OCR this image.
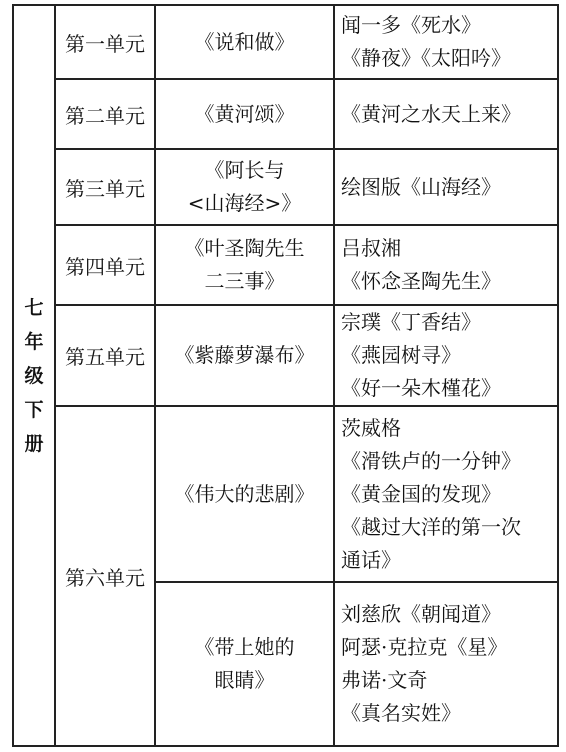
七
年
级
下
册	第一单元	《说和做》	闻一多《死水》
《静夜》《太阳吟》

	第二单元	《黄河颂》	《黄河之水天上来》

	第三单元	《阿长与
<山海经>》	绘图版《山海经》

	第四单元	《叶圣陶先生
二三事》	吕叔湘
《怀念圣陶先生》

	第五单元	《紫藤萝瀑布》	宗璞《丁香结》
《燕园树寻》
《好一朵木槿花》

	第六单元	《伟大的悲剧》	茨威格
《滑铁卢的一分钟》
《黄金国的发现》
《越过大洋的第一次
通话》

		《带上她的
眼睛》	刘慈欣《朝闻道》
阿瑟·克拉克《星》
弗诺·文奇
《真名实姓》
